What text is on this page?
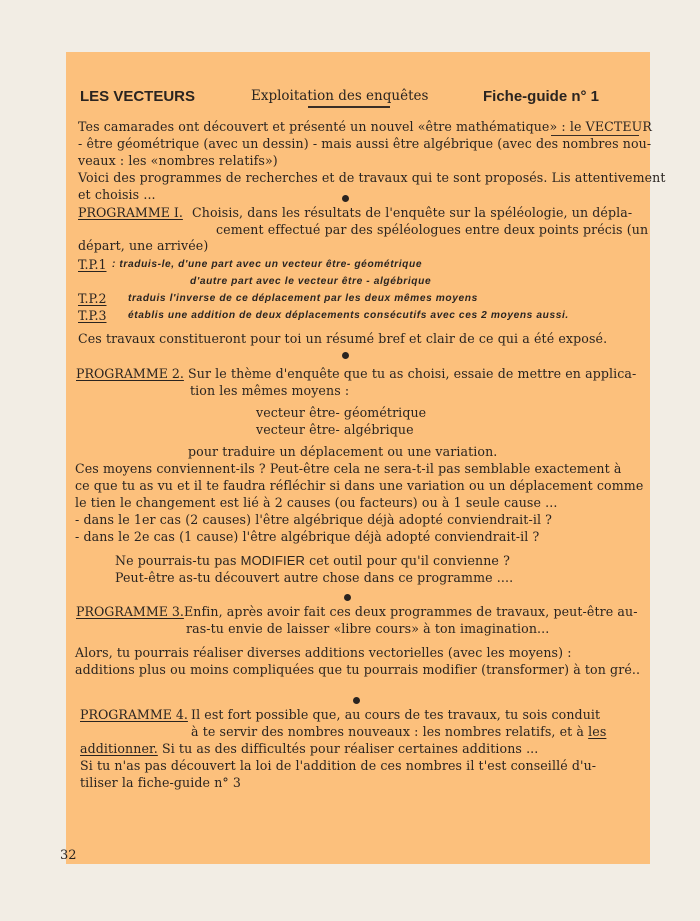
LES VECTEURS	Exploitation des enquêtes	Fiche-guide n° 1
Tes camarades ont découvert et présenté un nouvel «être mathématique» : le VECTEUR
- être géométrique (avec un dessin) - mais aussi être algébrique (avec des nombres nou-
veaux : les «nombres relatifs»)
Voici des programmes de recherches et de travaux qui te sont proposés. Lis attentivement
et choisis ...
PROGRAMME I. Choisis, dans les résultats de l'enquête sur la spéléologie, un dépla-
cement effectué par des spéléologues entre deux points précis (un
départ, une arrivée)
T.P.1 : traduis-le, d'une part avec un vecteur être- géométrique
d'autre part avec le vecteur être - algébrique
T.P.2 traduis l'inverse de ce déplacement par les deux mêmes moyens
T.P.3 établis une addition de deux déplacements consécutifs avec ces 2 moyens aussi.
Ces travaux constitueront pour toi un résumé bref et clair de ce qui a été exposé.
PROGRAMME 2. Sur le thème d'enquête que tu as choisi, essaie de mettre en applica-
tion les mêmes moyens :
vecteur être- géométrique
vecteur être- algébrique
pour traduire un déplacement ou une variation.
Ces moyens conviennent-ils ? Peut-être cela ne sera-t-il pas semblable exactement à
ce que tu as vu et il te faudra réfléchir si dans une variation ou un déplacement comme
le tien le changement est lié à 2 causes (ou facteurs) ou à 1 seule cause ...
- dans le 1er cas (2 causes) l'être algébrique déjà adopté conviendrait-il ?
- dans le 2e cas (1 cause) l'être algébrique déjà adopté conviendrait-il ?
Ne pourrais-tu pas MODIFIER cet outil pour qu'il convienne ?
Peut-être as-tu découvert autre chose dans ce programme ....
PROGRAMME 3. Enfin, après avoir fait ces deux programmes de travaux, peut-être au-
ras-tu envie de laisser «libre cours» à ton imagination...
Alors, tu pourrais réaliser diverses additions vectorielles (avec les moyens) :
additions plus ou moins compliquées que tu pourrais modifier (transformer) à ton gré..
PROGRAMME 4. Il est fort possible que, au cours de tes travaux, tu sois conduit
à te servir des nombres nouveaux : les nombres relatifs, et à les
additionner. Si tu as des difficultés pour réaliser certaines additions ...
Si tu n'as pas découvert la loi de l'addition de ces nombres il t'est conseillé d'u-
tiliser la fiche-guide n° 3
32
